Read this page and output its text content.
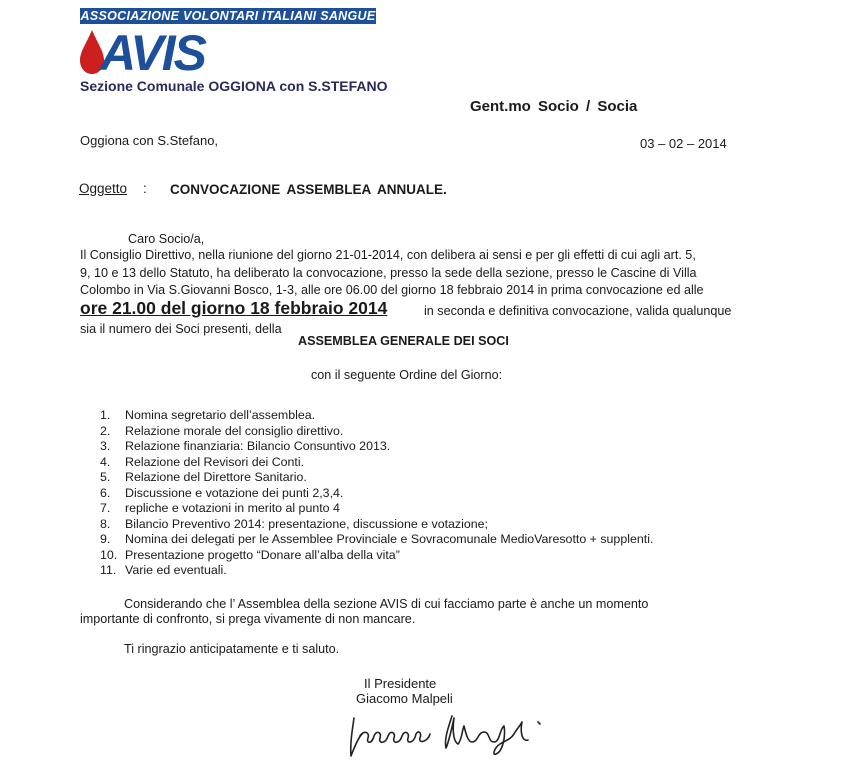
ASSOCIAZIONE VOLONTARI ITALIANI SANGUE
AVIS
Sezione Comunale OGGIONA con S.STEFANO
Gent.mo Socio / Socia
Oggiona con S.Stefano,	03 – 02 – 2014
Oggetto : CONVOCAZIONE ASSEMBLEA ANNUALE.
Caro Socio/a,
Il Consiglio Direttivo, nella riunione del giorno 21-01-2014, con delibera ai sensi e per gli effetti di cui agli art. 5,
9, 10 e 13 dello Statuto, ha deliberato la convocazione, presso la sede della sezione, presso le Cascine di Villa
Colombo in Via S.Giovanni Bosco, 1-3, alle ore 06.00 del giorno 18 febbraio 2014 in prima convocazione ed alle
ore 21.00 del giorno 18 febbraio 2014	in seconda e definitiva convocazione, valida qualunque
sia il numero dei Soci presenti, della
ASSEMBLEA GENERALE DEI SOCI
con il seguente Ordine del Giorno:
1. Nomina segretario dell’assemblea.
2. Relazione morale del consiglio direttivo.
3. Relazione finanziaria: Bilancio Consuntivo 2013.
4. Relazione del Revisori dei Conti.
5. Relazione del Direttore Sanitario.
6. Discussione e votazione dei punti 2,3,4.
7. repliche e votazioni in merito al punto 4
8. Bilancio Preventivo 2014: presentazione, discussione e votazione;
9. Nomina dei delegati per le Assemblee Provinciale e Sovracomunale MedioVaresotto + supplenti.
10. Presentazione progetto “Donare all’alba della vita”
11. Varie ed eventuali.
Considerando che l’ Assemblea della sezione AVIS di cui facciamo parte è anche un momento
importante di confronto, si prega vivamente di non mancare.
Ti ringrazio anticipatamente e ti saluto.
Il Presidente
Giacomo Malpeli
